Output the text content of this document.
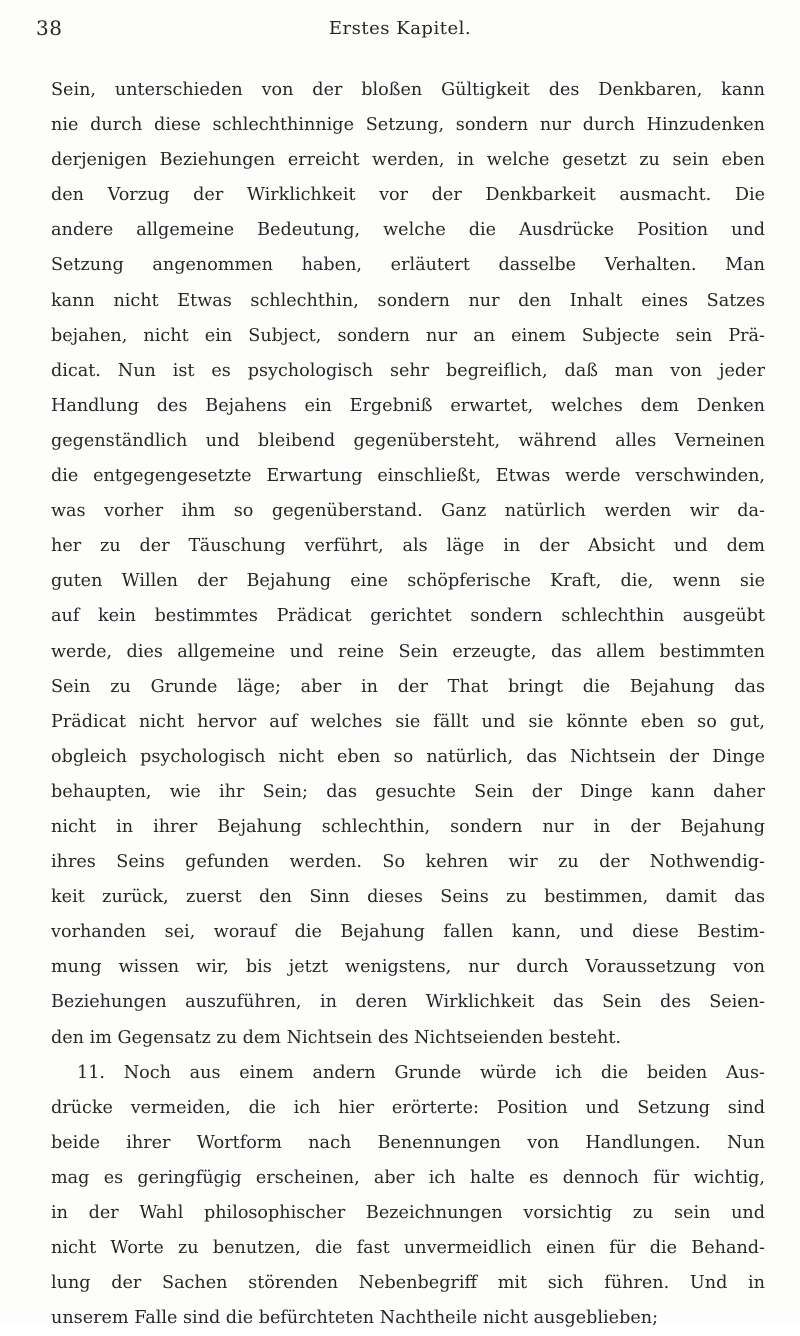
38	Erstes Kapitel.
Sein, unterschieden von der bloßen Gültigkeit des Denkbaren, kann
nie durch diese schlechthinnige Setzung, sondern nur durch Hinzudenken
derjenigen Beziehungen erreicht werden, in welche gesetzt zu sein eben
den Vorzug der Wirklichkeit vor der Denkbarkeit ausmacht. Die
andere allgemeine Bedeutung, welche die Ausdrücke Position und
Setzung angenommen haben, erläutert dasselbe Verhalten. Man
kann nicht Etwas schlechthin, sondern nur den Inhalt eines Satzes
bejahen, nicht ein Subject, sondern nur an einem Subjecte sein Prä-
dicat. Nun ist es psychologisch sehr begreiflich, daß man von jeder
Handlung des Bejahens ein Ergebniß erwartet, welches dem Denken
gegenständlich und bleibend gegenübersteht, während alles Verneinen
die entgegengesetzte Erwartung einschließt, Etwas werde verschwinden,
was vorher ihm so gegenüberstand. Ganz natürlich werden wir da-
her zu der Täuschung verführt, als läge in der Absicht und dem
guten Willen der Bejahung eine schöpferische Kraft, die, wenn sie
auf kein bestimmtes Prädicat gerichtet sondern schlechthin ausgeübt
werde, dies allgemeine und reine Sein erzeugte, das allem bestimmten
Sein zu Grunde läge; aber in der That bringt die Bejahung das
Prädicat nicht hervor auf welches sie fällt und sie könnte eben so gut,
obgleich psychologisch nicht eben so natürlich, das Nichtsein der Dinge
behaupten, wie ihr Sein; das gesuchte Sein der Dinge kann daher
nicht in ihrer Bejahung schlechthin, sondern nur in der Bejahung
ihres Seins gefunden werden. So kehren wir zu der Nothwendig-
keit zurück, zuerst den Sinn dieses Seins zu bestimmen, damit das
vorhanden sei, worauf die Bejahung fallen kann, und diese Bestim-
mung wissen wir, bis jetzt wenigstens, nur durch Voraussetzung von
Beziehungen auszuführen, in deren Wirklichkeit das Sein des Seien-
den im Gegensatz zu dem Nichtsein des Nichtseienden besteht.
11. Noch aus einem andern Grunde würde ich die beiden Aus-
drücke vermeiden, die ich hier erörterte: Position und Setzung sind
beide ihrer Wortform nach Benennungen von Handlungen. Nun
mag es geringfügig erscheinen, aber ich halte es dennoch für wichtig,
in der Wahl philosophischer Bezeichnungen vorsichtig zu sein und
nicht Worte zu benutzen, die fast unvermeidlich einen für die Behand-
lung der Sachen störenden Nebenbegriff mit sich führen. Und in
unserem Falle sind die befürchteten Nachtheile nicht ausgeblieben;
